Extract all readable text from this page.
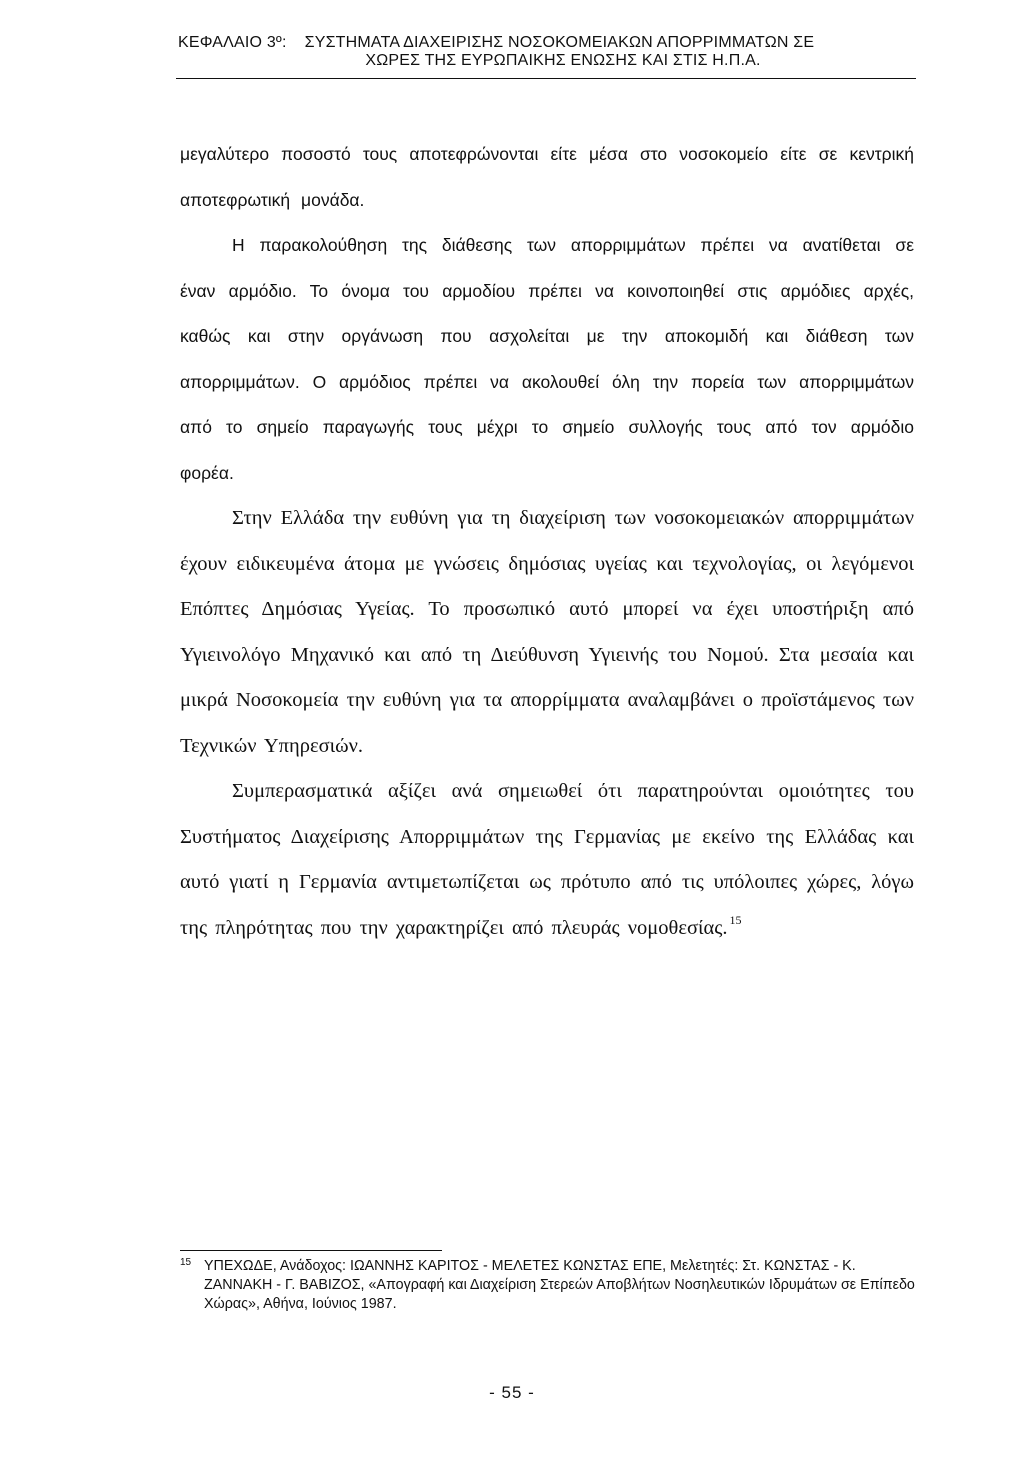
ΚΕΦΑΛΑΙΟ 3º: ΣΥΣΤΗΜΑΤΑ ΔΙΑΧΕΙΡΙΣΗΣ ΝΟΣΟΚΟΜΕΙΑΚΩΝ ΑΠΟΡΡΙΜΜΑΤΩΝ ΣΕ
ΧΩΡΕΣ ΤΗΣ ΕΥΡΩΠΑΙΚΗΣ ΕΝΩΣΗΣ ΚΑΙ ΣΤΙΣ Η.Π.Α.

μεγαλύτερο ποσοστό τους αποτεφρώνονται είτε μέσα στο νοσοκομείο είτε σε κεντρική αποτεφρωτική μονάδα.

Η παρακολούθηση της διάθεσης των απορριμμάτων πρέπει να ανατίθεται σε έναν αρμόδιο. Το όνομα του αρμοδίου πρέπει να κοινοποιηθεί στις αρμόδιες αρχές, καθώς και στην οργάνωση που ασχολείται με την αποκομιδή και διάθεση των απορριμμάτων. Ο αρμόδιος πρέπει να ακολουθεί όλη την πορεία των απορριμμάτων από το σημείο παραγωγής τους μέχρι το σημείο συλλογής τους από τον αρμόδιο φορέα.

Στην Ελλάδα την ευθύνη για τη διαχείριση των νοσοκομειακών απορριμμάτων έχουν ειδικευμένα άτομα με γνώσεις δημόσιας υγείας και τεχνολογίας, οι λεγόμενοι Επόπτες Δημόσιας Υγείας. Το προσωπικό αυτό μπορεί να έχει υποστήριξη από Υγιεινολόγο Μηχανικό και από τη Διεύθυνση Υγιεινής του Νομού. Στα μεσαία και μικρά Νοσοκομεία την ευθύνη για τα απορρίμματα αναλαμβάνει ο προϊστάμενος των Τεχνικών Υπηρεσιών.

Συμπερασματικά αξίζει ανά σημειωθεί ότι παρατηρούνται ομοιότητες του Συστήματος Διαχείρισης Απορριμμάτων της Γερμανίας με εκείνο της Ελλάδας και αυτό γιατί η Γερμανία αντιμετωπίζεται ως πρότυπο από τις υπόλοιπες χώρες, λόγω της πληρότητας που την χαρακτηρίζει από πλευράς νομοθεσίας. $^{15}$

15 ΥΠΕΧΩΔΕ, Ανάδοχος: ΙΩΑΝΝΗΣ ΚΑΡΙΤΟΣ - ΜΕΛΕΤΕΣ ΚΩΝΣΤΑΣ ΕΠΕ, Μελετητές: Στ. ΚΩΝΣΤΑΣ - Κ. ΖΑΝΝΑΚΗ - Γ. ΒΑΒΙΖΟΣ, «Απογραφή και Διαχείριση Στερεών Αποβλήτων Νοσηλευτικών Ιδρυμάτων σε Επίπεδο Χώρας», Αθήνα, Ιούνιος 1987.
- 55 -
